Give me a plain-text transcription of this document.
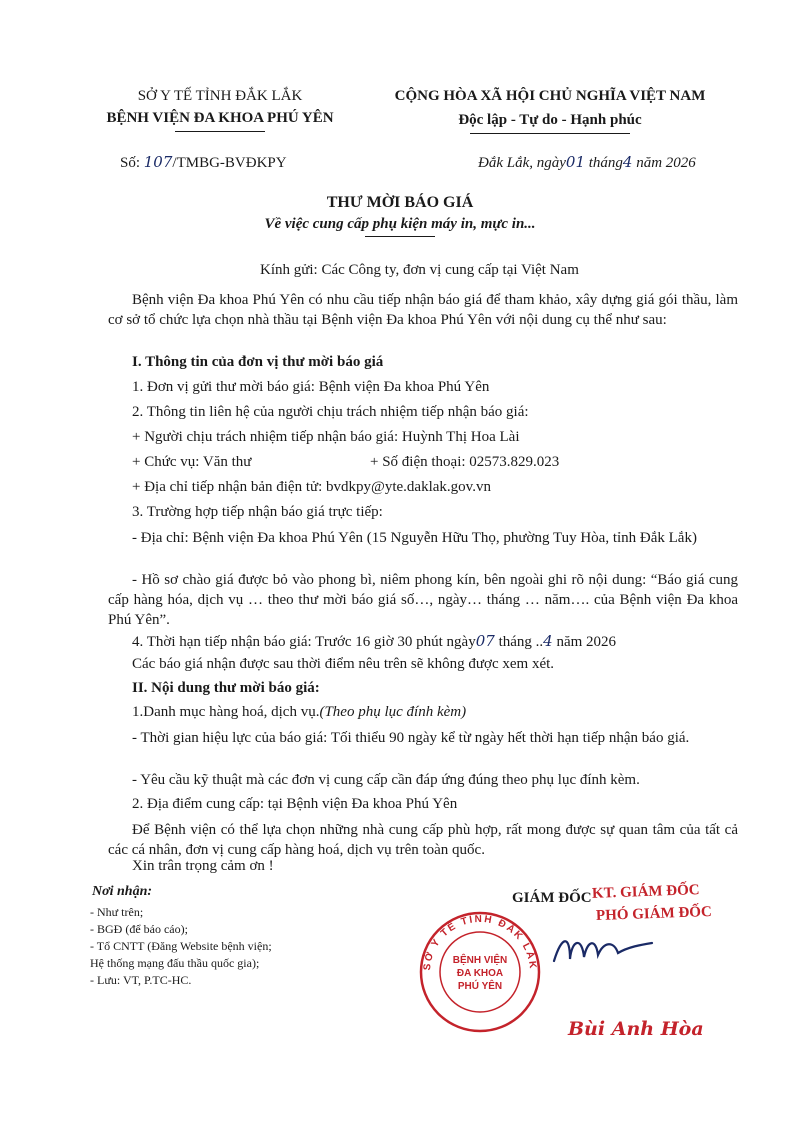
SỞ Y TẾ TỈNH ĐẮK LẮK
BỆNH VIỆN ĐA KHOA PHÚ YÊN
Số: 107/TMBG-BVĐKPY
CỘNG HÒA XÃ HỘI CHỦ NGHĨA VIỆT NAM
Độc lập - Tự do - Hạnh phúc
Đắk Lắk, ngày01 tháng4 năm 2026
THƯ MỜI BÁO GIÁ
Về việc cung cấp phụ kiện máy in, mực in...
Kính gửi: Các Công ty, đơn vị cung cấp tại Việt Nam
Bệnh viện Đa khoa Phú Yên có nhu cầu tiếp nhận báo giá để tham khảo, xây dựng giá gói thầu, làm cơ sở tổ chức lựa chọn nhà thầu tại Bệnh viện Đa khoa Phú Yên với nội dung cụ thể như sau:
I. Thông tin của đơn vị thư mời báo giá
1. Đơn vị gửi thư mời báo giá: Bệnh viện Đa khoa Phú Yên
2. Thông tin liên hệ của người chịu trách nhiệm tiếp nhận báo giá:
+ Người chịu trách nhiệm tiếp nhận báo giá: Huỳnh Thị Hoa Lài
+ Chức vụ: Văn thư	+ Số điện thoại: 02573.829.023
+ Địa chỉ tiếp nhận bản điện tử: bvdkpy@yte.daklak.gov.vn
3. Trường hợp tiếp nhận báo giá trực tiếp:
- Địa chỉ: Bệnh viện Đa khoa Phú Yên (15 Nguyễn Hữu Thọ, phường Tuy Hòa, tỉnh Đắk Lắk)
- Hồ sơ chào giá được bỏ vào phong bì, niêm phong kín, bên ngoài ghi rõ nội dung: “Báo giá cung cấp hàng hóa, dịch vụ … theo thư mời báo giá số…, ngày… tháng … năm…. của Bệnh viện Đa khoa Phú Yên”.
4. Thời hạn tiếp nhận báo giá: Trước 16 giờ 30 phút ngày07 tháng ..4 năm 2026
Các báo giá nhận được sau thời điểm nêu trên sẽ không được xem xét.
II. Nội dung thư mời báo giá:
1.Danh mục hàng hoá, dịch vụ.(Theo phụ lục đính kèm)
- Thời gian hiệu lực của báo giá: Tối thiểu 90 ngày kể từ ngày hết thời hạn tiếp nhận báo giá.
- Yêu cầu kỹ thuật mà các đơn vị cung cấp cần đáp ứng đúng theo phụ lục đính kèm.
2. Địa điểm cung cấp: tại Bệnh viện Đa khoa Phú Yên
Để Bệnh viện có thể lựa chọn những nhà cung cấp phù hợp, rất mong được sự quan tâm của tất cả các cá nhân, đơn vị cung cấp hàng hoá, dịch vụ trên toàn quốc.
Xin trân trọng cảm ơn !
Nơi nhận:
- Như trên;
- BGĐ (để báo cáo);
- Tổ CNTT (Đăng Website bệnh viện;
Hệ thống mạng đấu thầu quốc gia);
- Lưu: VT, P.TC-HC.
GIÁM ĐỐC KT. GIÁM ĐỐC
PHÓ GIÁM ĐỐC
SỞ Y TẾ TỈNH ĐẮK LẮK
BỆNH VIỆN
ĐA KHOA
PHÚ YÊN
Bùi Anh Hòa
